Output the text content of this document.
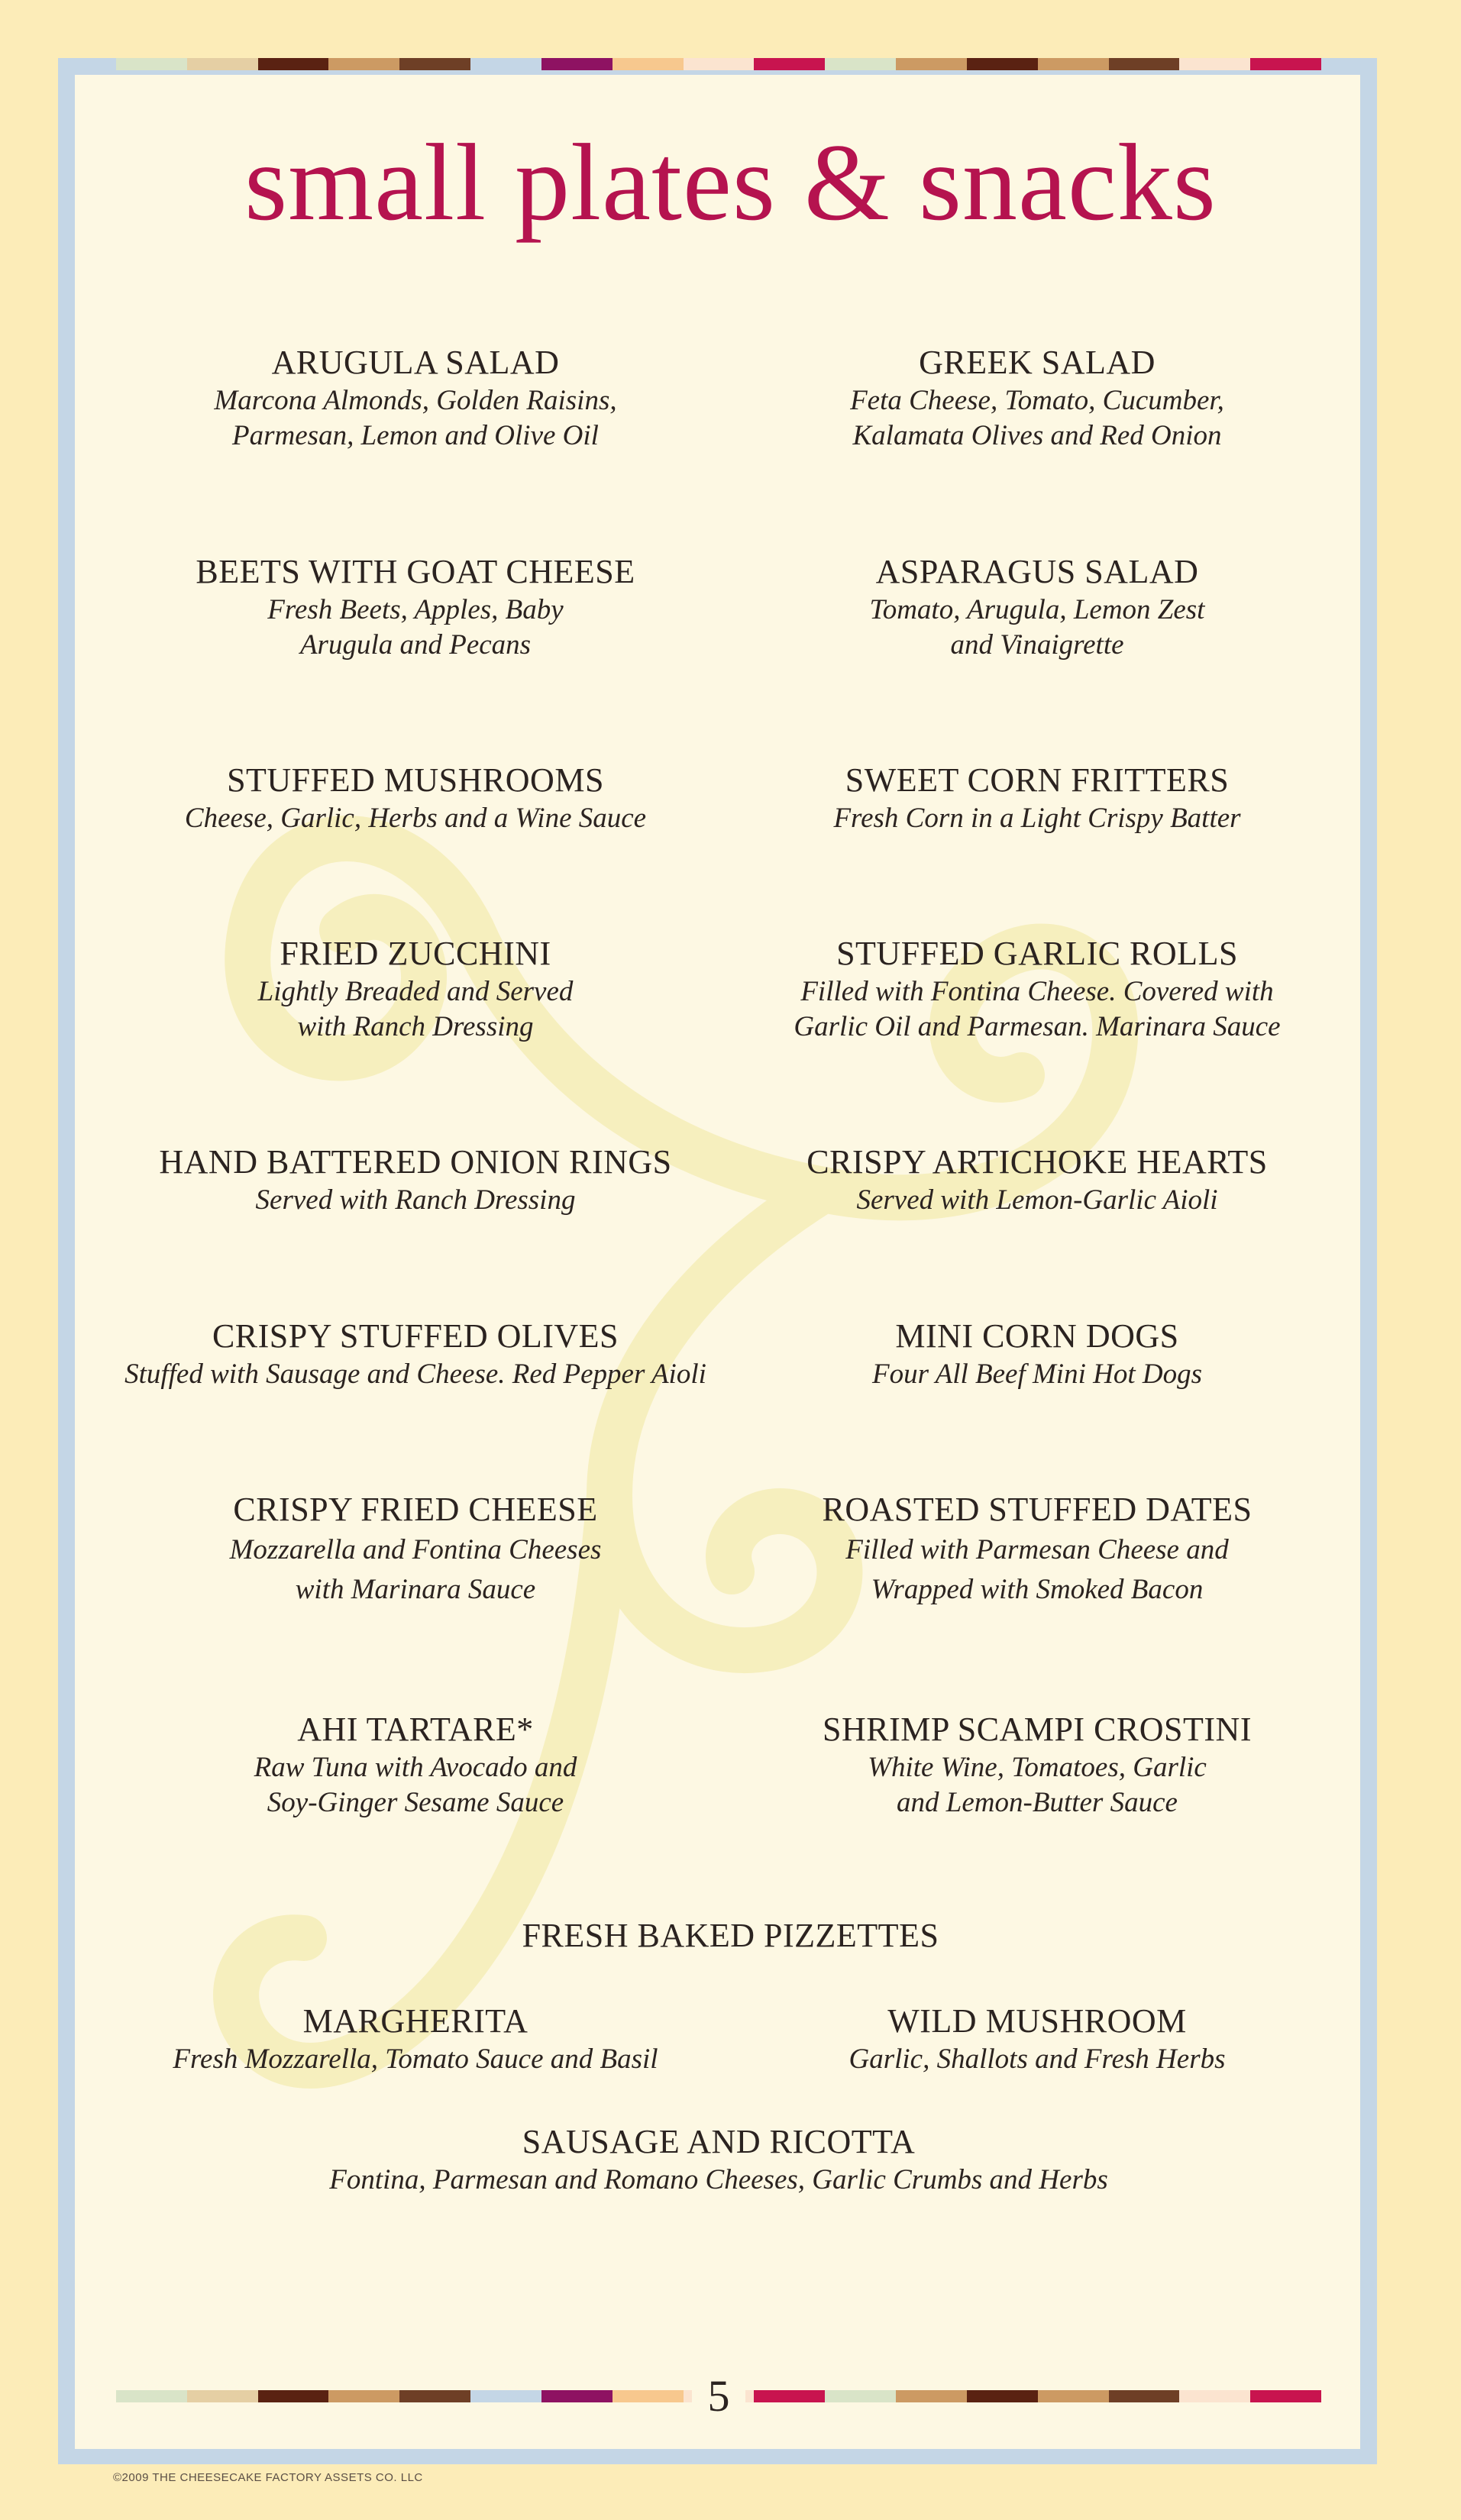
small plates & snacks
ARUGULA SALAD
Marcona Almonds, Golden Raisins,
Parmesan, Lemon and Olive Oil
GREEK SALAD
Feta Cheese, Tomato, Cucumber,
Kalamata Olives and Red Onion
BEETS WITH GOAT CHEESE
Fresh Beets, Apples, Baby
Arugula and Pecans
ASPARAGUS SALAD
Tomato, Arugula, Lemon Zest
and Vinaigrette
STUFFED MUSHROOMS
Cheese, Garlic, Herbs and a Wine Sauce
SWEET CORN FRITTERS
Fresh Corn in a Light Crispy Batter
FRIED ZUCCHINI
Lightly Breaded and Served
with Ranch Dressing
STUFFED GARLIC ROLLS
Filled with Fontina Cheese. Covered with
Garlic Oil and Parmesan. Marinara Sauce
HAND BATTERED ONION RINGS
Served with Ranch Dressing
CRISPY ARTICHOKE HEARTS
Served with Lemon-Garlic Aioli
CRISPY STUFFED OLIVES
Stuffed with Sausage and Cheese. Red Pepper Aioli
MINI CORN DOGS
Four All Beef Mini Hot Dogs
CRISPY FRIED CHEESE
Mozzarella and Fontina Cheeses
with Marinara Sauce
ROASTED STUFFED DATES
Filled with Parmesan Cheese and
Wrapped with Smoked Bacon
AHI TARTARE*
Raw Tuna with Avocado and
Soy-Ginger Sesame Sauce
SHRIMP SCAMPI CROSTINI
White Wine, Tomatoes, Garlic
and Lemon-Butter Sauce
FRESH BAKED PIZZETTES
MARGHERITA
Fresh Mozzarella, Tomato Sauce and Basil
WILD MUSHROOM
Garlic, Shallots and Fresh Herbs
SAUSAGE AND RICOTTA
Fontina, Parmesan and Romano Cheeses, Garlic Crumbs and Herbs
5
©2009 THE CHEESECAKE FACTORY ASSETS CO. LLC
